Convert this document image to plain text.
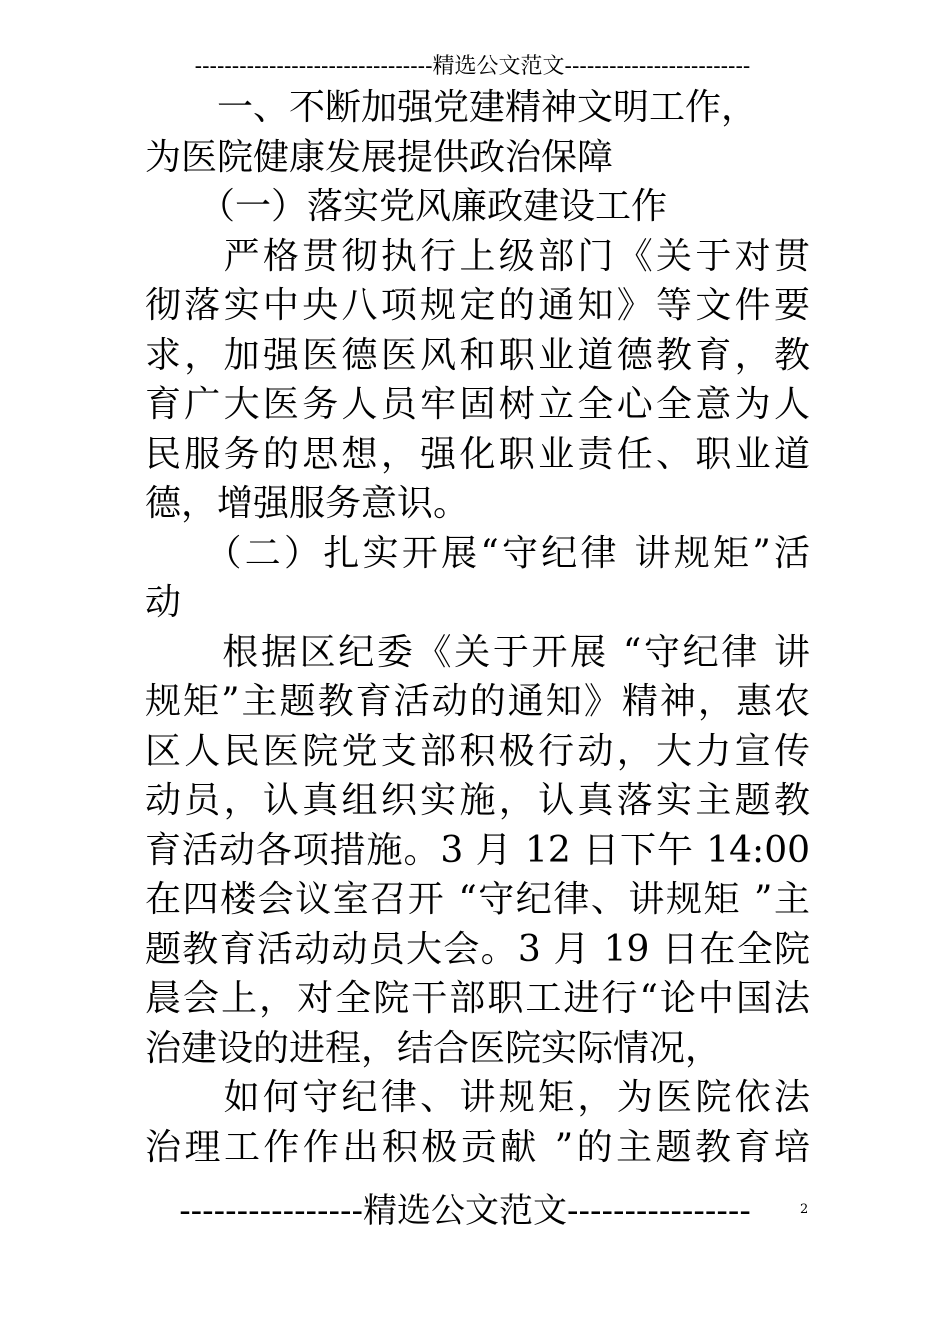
--------------------------------精选公文范文-------------------------
　　一、不断加强党建精神文明工作，
为医院健康发展提供政治保障
　　（一）落实党风廉政建设工作
　　严格贯彻执行上级部门《关于对贯
彻落实中央八项规定的通知》等文件要
求，加强医德医风和职业道德教育，教
育广大医务人员牢固树立全心全意为人
民服务的思想，强化职业责任、职业道
德，增强服务意识。
　　（二）扎实开展“守纪律 讲规矩”活
动
　　根据区纪委《关于开展 “守纪律 讲
规矩”主题教育活动的通知》精神，惠农
区人民医院党支部积极行动，大力宣传
动员，认真组织实施，认真落实主题教
育活动各项措施。3 月 12 日下午 14:00
在四楼会议室召开 “守纪律、讲规矩 ”主
题教育活动动员大会。3 月 19 日在全院
晨会上，对全院干部职工进行“论中国法
治建设的进程，结合医院实际情况，
　　如何守纪律、讲规矩，为医院依法
治理工作作出积极贡献 ”的主题教育培
----------------精选公文范文----------------	2
